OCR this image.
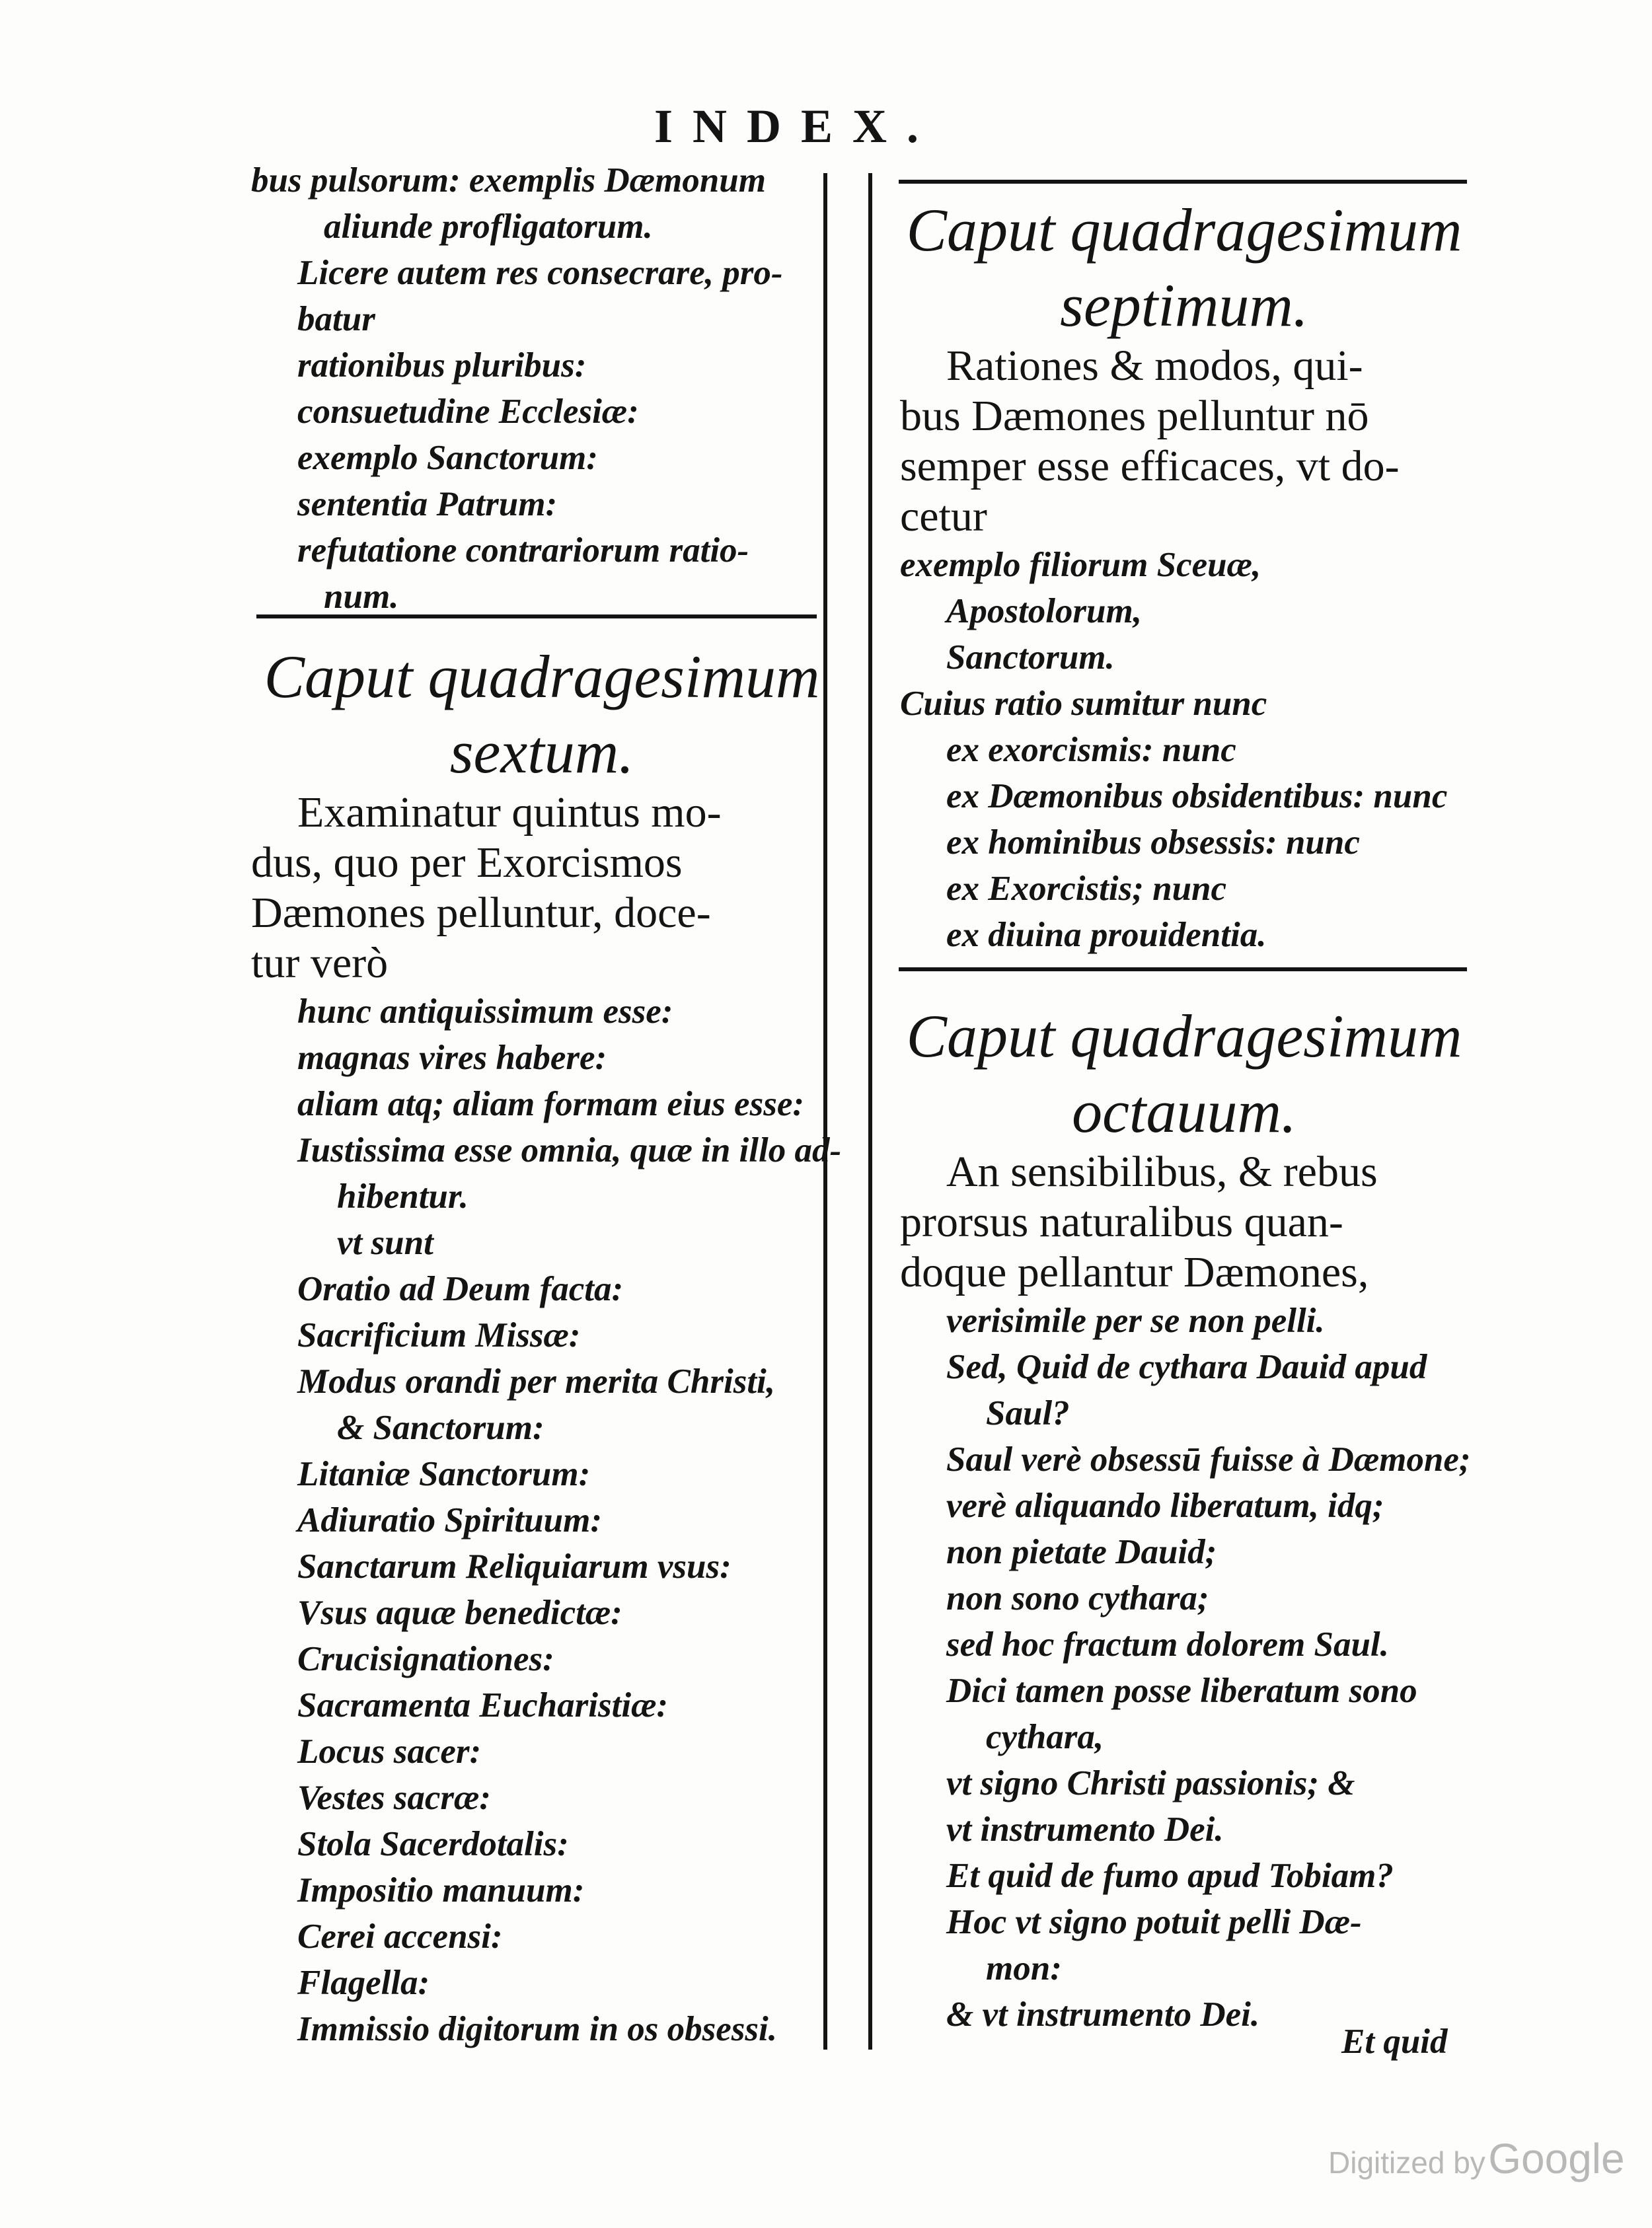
INDEX.
bus pulsorum: exemplis Dæmonum
aliunde profligatorum.
Licere autem res consecrare, pro-
batur
rationibus pluribus:
consuetudine Ecclesiæ:
exemplo Sanctorum:
sententia Patrum:
refutatione contrariorum ratio-
num.
Caput quadragesimum
sextum.
Examinatur quintus mo-
dus, quo per Exorcismos
Dæmones pelluntur, doce-
tur verò
hunc antiquissimum esse:
magnas vires habere:
aliam atq; aliam formam eius esse:
Iustissima esse omnia, quæ in illo ad-
hibentur.
vt sunt
Oratio ad Deum facta:
Sacrificium Missæ:
Modus orandi per merita Christi,
& Sanctorum:
Litaniæ Sanctorum:
Adiuratio Spirituum:
Sanctarum Reliquiarum vsus:
Vsus aquæ benedictæ:
Crucisignationes:
Sacramenta Eucharistiæ:
Locus sacer:
Vestes sacræ:
Stola Sacerdotalis:
Impositio manuum:
Cerei accensi:
Flagella:
Immissio digitorum in os obsessi.
Caput quadragesimum
septimum.
Rationes & modos, qui-
bus Dæmones pelluntur nō
semper esse efficaces, vt do-
cetur
exemplo filiorum Sceuæ,
Apostolorum,
Sanctorum.
Cuius ratio sumitur nunc
ex exorcismis: nunc
ex Dæmonibus obsidentibus: nunc
ex hominibus obsessis: nunc
ex Exorcistis; nunc
ex diuina prouidentia.
Caput quadragesimum
octauum.
An sensibilibus, & rebus
prorsus naturalibus quan-
doque pellantur Dæmones,
verisimile per se non pelli.
Sed, Quid de cythara Dauid apud
Saul?
Saul verè obsessū fuisse à Dæmone;
verè aliquando liberatum, idq;
non pietate Dauid;
non sono cythara;
sed hoc fractum dolorem Saul.
Dici tamen posse liberatum sono
cythara,
vt signo Christi passionis; &
vt instrumento Dei.
Et quid de fumo apud Tobiam?
Hoc vt signo potuit pelli Dæ-
mon:
& vt instrumento Dei.
Et quid
Digitized by Google
